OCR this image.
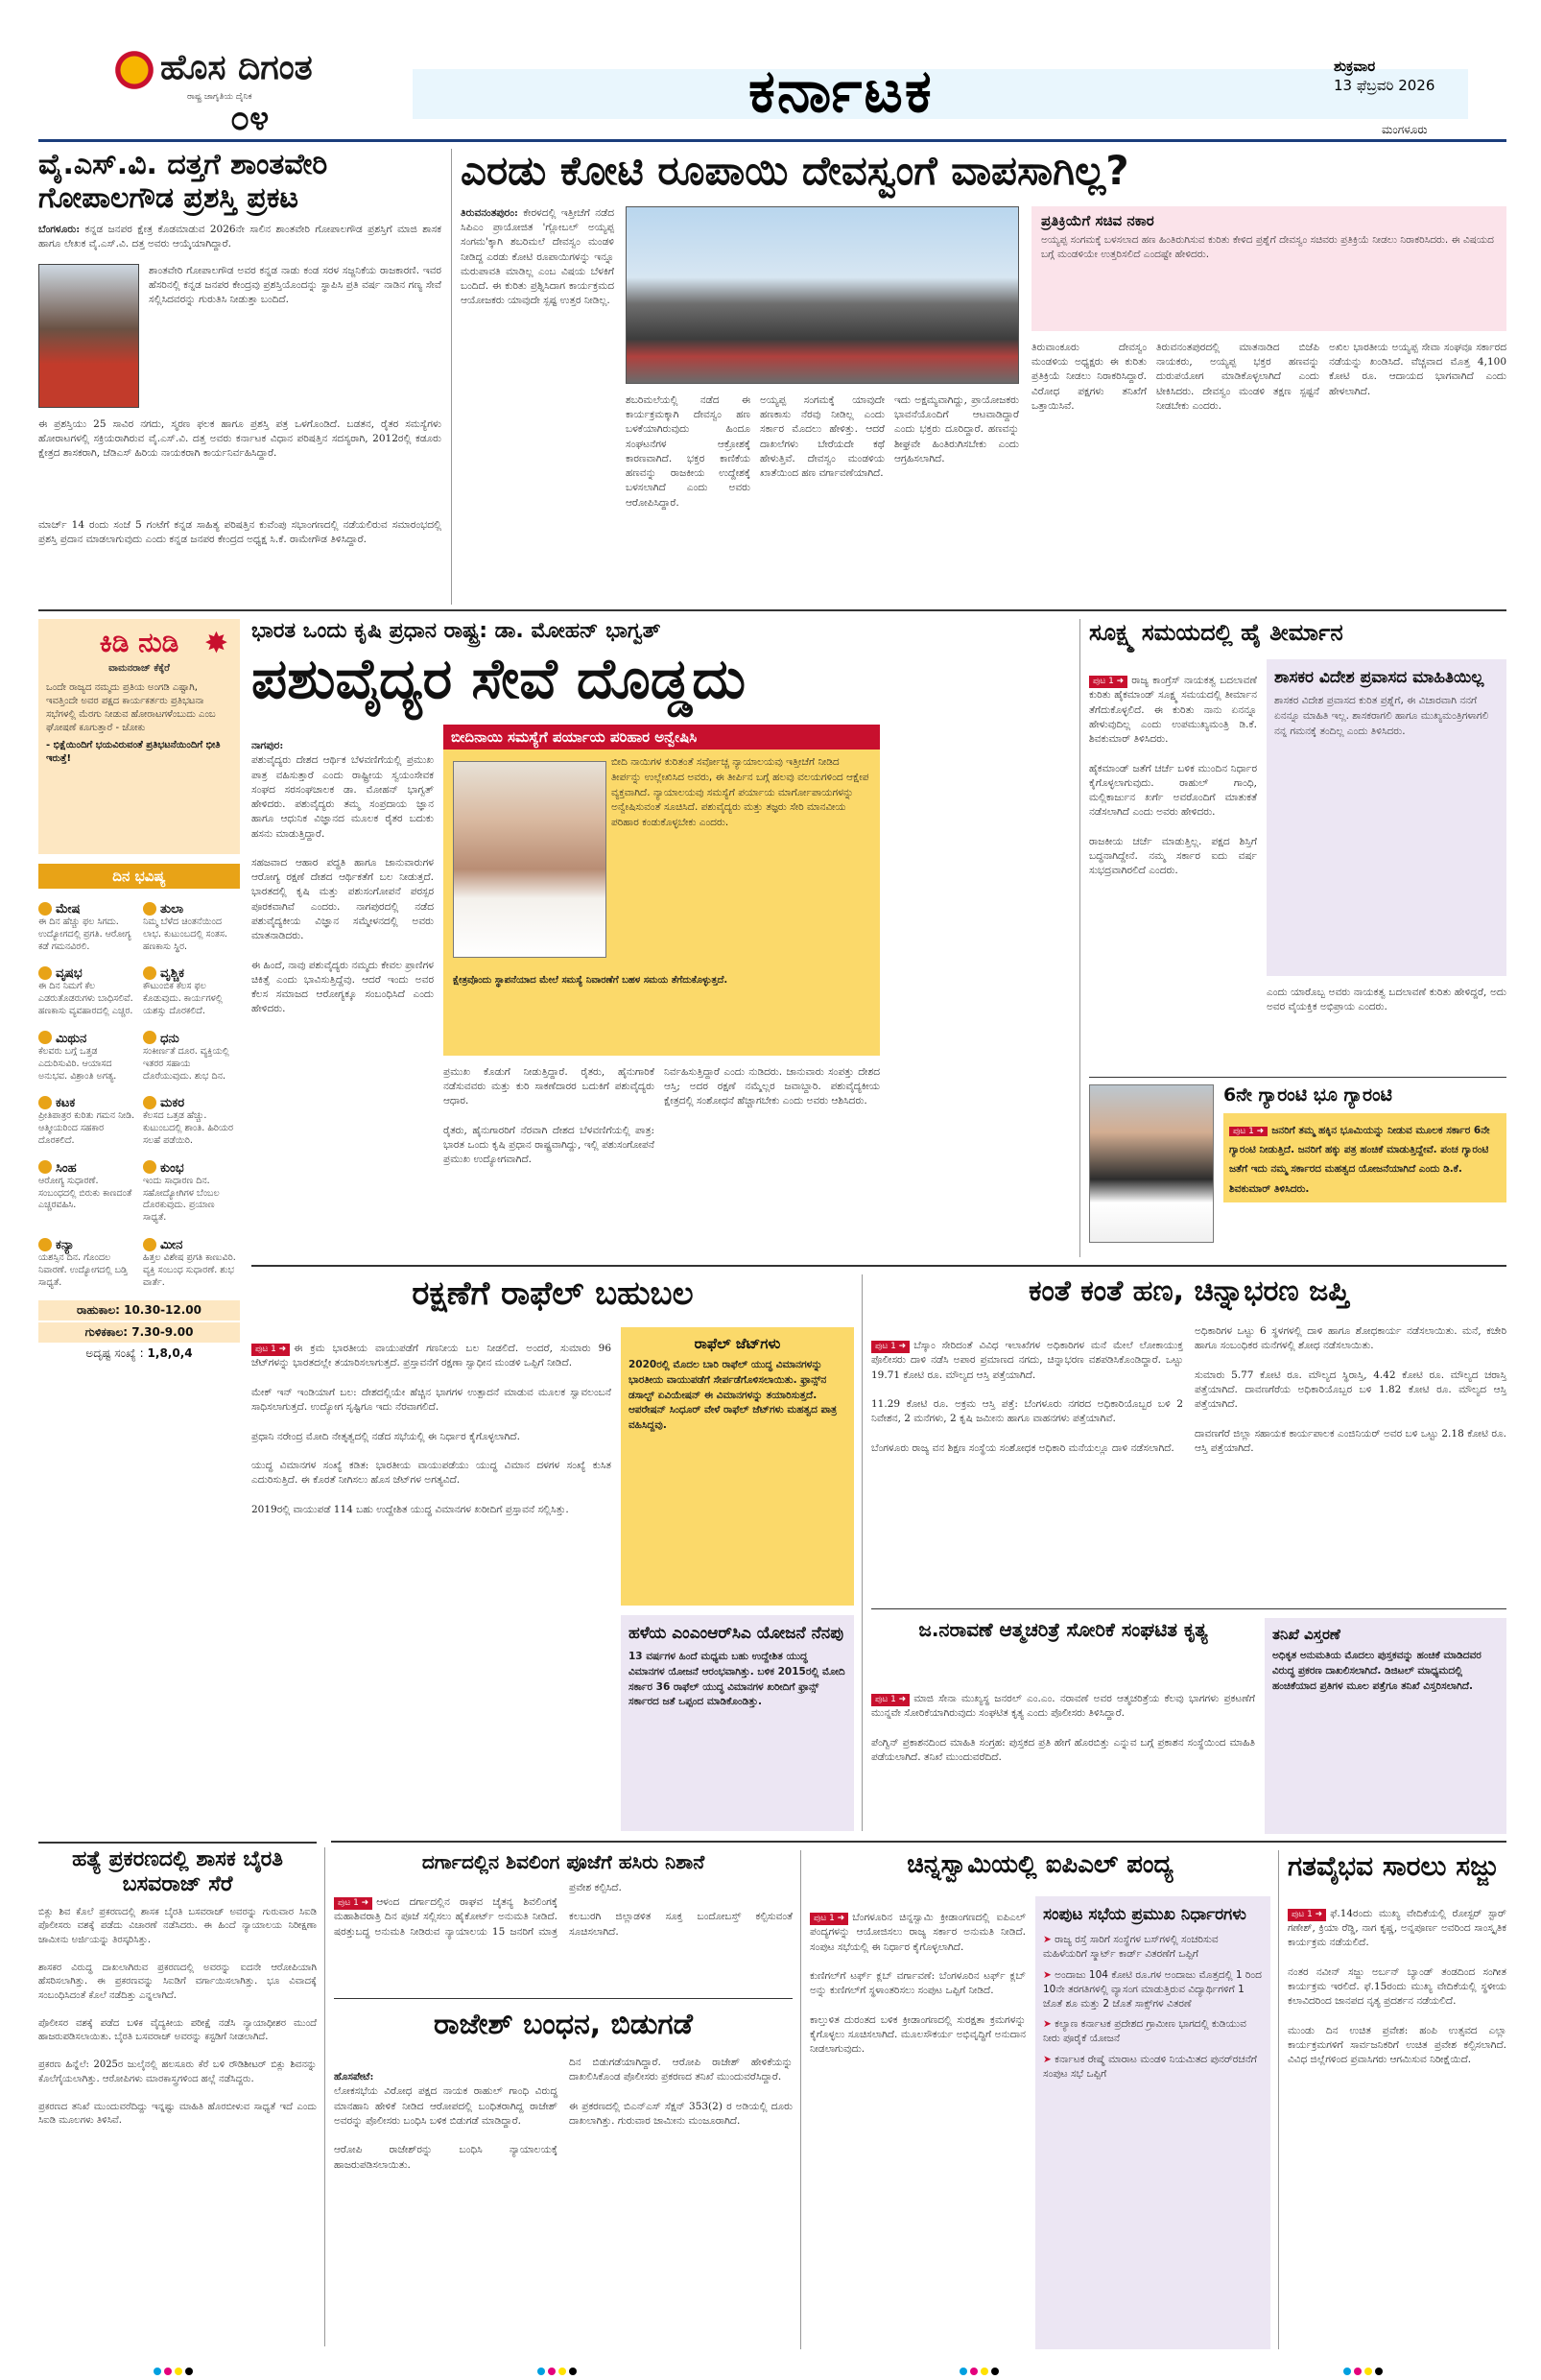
ಹೊಸ ದಿಗಂತ
ರಾಷ್ಟ್ರ ಜಾಗೃತಿಯ ದೈನಿಕ
೦೪	ಕರ್ನಾಟಕ	ಶುಕ್ರವಾರ
13 ಫೆಬ್ರವರಿ 2026
ಮಂಗಳೂರು
ವೈ.ಎಸ್.ವಿ. ದತ್ತಗೆ ಶಾಂತವೇರಿ ಗೋಪಾಲಗೌಡ ಪ್ರಶಸ್ತಿ ಪ್ರಕಟ
ಬೆಂಗಳೂರು: ಕನ್ನಡ ಜನಪರ ಕ್ಷೇತ್ರ ಕೊಡಮಾಡುವ 2026ನೇ ಸಾಲಿನ ಶಾಂತವೇರಿ ಗೋಪಾಲಗೌಡ ಪ್ರಶಸ್ತಿಗೆ ಮಾಜಿ ಶಾಸಕ ಹಾಗೂ ಲೇಖಕ ವೈ.ಎಸ್.ವಿ. ದತ್ತ ಅವರು ಆಯ್ಕೆಯಾಗಿದ್ದಾರೆ.
ಶಾಂತವೇರಿ ಗೋಪಾಲಗೌಡ ಅವರ ಕನ್ನಡ ನಾಡು ಕಂಡ ಸರಳ ಸಜ್ಜನಿಕೆಯ ರಾಜಕಾರಣಿ. ಇವರ ಹೆಸರಿನಲ್ಲಿ ಕನ್ನಡ ಜನಪರ ಕೇಂದ್ರವು ಪ್ರಶಸ್ತಿಯೊಂದನ್ನು ಸ್ಥಾಪಿಸಿ ಪ್ರತಿ ವರ್ಷ ನಾಡಿನ ಗಣ್ಯ ಸೇವೆ ಸಲ್ಲಿಸಿದವರನ್ನು ಗುರುತಿಸಿ ನೀಡುತ್ತಾ ಬಂದಿದೆ.
ಈ ಪ್ರಶಸ್ತಿಯು 25 ಸಾವಿರ ನಗದು, ಸ್ಮರಣ ಫಲಕ ಹಾಗೂ ಪ್ರಶಸ್ತಿ ಪತ್ರ ಒಳಗೊಂಡಿದೆ. ಬಡತನ, ರೈತರ ಸಮಸ್ಯೆಗಳು ಹೋರಾಟಗಳಲ್ಲಿ ಸಕ್ರಿಯರಾಗಿರುವ ವೈ.ಎಸ್.ವಿ. ದತ್ತ ಅವರು ಕರ್ನಾಟಕ ವಿಧಾನ ಪರಿಷತ್ತಿನ ಸದಸ್ಯರಾಗಿ, 2012ರಲ್ಲಿ ಕಡೂರು ಕ್ಷೇತ್ರದ ಶಾಸಕರಾಗಿ, ಜೆಡಿಎಸ್ ಹಿರಿಯ ನಾಯಕರಾಗಿ ಕಾರ್ಯನಿರ್ವಹಿಸಿದ್ದಾರೆ.
ಮಾರ್ಚ್ 14 ರಂದು ಸಂಜೆ 5 ಗಂಟೆಗೆ ಕನ್ನಡ ಸಾಹಿತ್ಯ ಪರಿಷತ್ತಿನ ಕುವೆಂಪು ಸಭಾಂಗಣದಲ್ಲಿ ನಡೆಯಲಿರುವ ಸಮಾರಂಭದಲ್ಲಿ ಪ್ರಶಸ್ತಿ ಪ್ರದಾನ ಮಾಡಲಾಗುವುದು ಎಂದು ಕನ್ನಡ ಜನಪರ ಕೇಂದ್ರದ ಅಧ್ಯಕ್ಷ ಸಿ.ಕೆ. ರಾಮೇಗೌಡ ತಿಳಿಸಿದ್ದಾರೆ.
ಎರಡು ಕೋಟಿ ರೂಪಾಯಿ ದೇವಸ್ವಂಗೆ ವಾಪಸಾಗಿಲ್ಲ?
ತಿರುವನಂತಪುರಂ: ಕೇರಳದಲ್ಲಿ ಇತ್ತೀಚೆಗೆ ನಡೆದ ಸಿಪಿಎಂ ಪ್ರಾಯೋಜಿತ 'ಗ್ಲೋಬಲ್ ಅಯ್ಯಪ್ಪ ಸಂಗಮ'ಕ್ಕಾಗಿ ಶಬರಿಮಲೆ ದೇವಸ್ವಂ ಮಂಡಳಿ ನೀಡಿದ್ದ ಎರಡು ಕೋಟಿ ರೂಪಾಯಿಗಳನ್ನು ಇನ್ನೂ ಮರುಪಾವತಿ ಮಾಡಿಲ್ಲ ಎಂಬ ವಿಷಯ ಬೆಳಕಿಗೆ ಬಂದಿದೆ. ಈ ಕುರಿತು ಪ್ರಶ್ನಿಸಿದಾಗ ಕಾರ್ಯಕ್ರಮದ ಆಯೋಜಕರು ಯಾವುದೇ ಸ್ಪಷ್ಟ ಉತ್ತರ ನೀಡಿಲ್ಲ.
ಶಬರಿಮಲೆಯಲ್ಲಿ ನಡೆದ ಈ ಕಾರ್ಯಕ್ರಮಕ್ಕಾಗಿ ದೇವಸ್ವಂ ಹಣ ಬಳಕೆಯಾಗಿರುವುದು ಹಿಂದೂ ಸಂಘಟನೆಗಳ ಆಕ್ರೋಶಕ್ಕೆ ಕಾರಣವಾಗಿದೆ. ಭಕ್ತರ ಕಾಣಿಕೆಯ ಹಣವನ್ನು ರಾಜಕೀಯ ಉದ್ದೇಶಕ್ಕೆ ಬಳಸಲಾಗಿದೆ ಎಂದು ಅವರು ಆರೋಪಿಸಿದ್ದಾರೆ.
ಅಯ್ಯಪ್ಪ ಸಂಗಮಕ್ಕೆ ಯಾವುದೇ ಹಣಕಾಸು ನೆರವು ನೀಡಿಲ್ಲ ಎಂದು ಸರ್ಕಾರ ಮೊದಲು ಹೇಳಿತ್ತು. ಆದರೆ ದಾಖಲೆಗಳು ಬೇರೆಯದೇ ಕಥೆ ಹೇಳುತ್ತಿವೆ. ದೇವಸ್ವಂ ಮಂಡಳಿಯ ಖಾತೆಯಿಂದ ಹಣ ವರ್ಗಾವಣೆಯಾಗಿದೆ.
ಇದು ಅಕ್ಷಮ್ಯವಾಗಿದ್ದು, ಪ್ರಾಯೋಜಕರು ಭಾವನೆಯೊಂದಿಗೆ ಆಟವಾಡಿದ್ದಾರೆ ಎಂದು ಭಕ್ತರು ದೂರಿದ್ದಾರೆ. ಹಣವನ್ನು ಶೀಘ್ರವೇ ಹಿಂತಿರುಗಿಸಬೇಕು ಎಂದು ಆಗ್ರಹಿಸಲಾಗಿದೆ.
ಪ್ರತಿಕ್ರಿಯೆಗೆ ಸಚಿವ ನಕಾರ
ಅಯ್ಯಪ್ಪ ಸಂಗಮಕ್ಕೆ ಬಳಸಲಾದ ಹಣ ಹಿಂತಿರುಗಿಸುವ ಕುರಿತು ಕೇಳಿದ ಪ್ರಶ್ನೆಗೆ ದೇವಸ್ವಂ ಸಚಿವರು ಪ್ರತಿಕ್ರಿಯೆ ನೀಡಲು ನಿರಾಕರಿಸಿದರು. ಈ ವಿಷಯದ ಬಗ್ಗೆ ಮಂಡಳಿಯೇ ಉತ್ತರಿಸಲಿದೆ ಎಂದಷ್ಟೇ ಹೇಳಿದರು.
ತಿರುವಾಂಕೂರು ದೇವಸ್ವಂ ಮಂಡಳಿಯ ಅಧ್ಯಕ್ಷರು ಈ ಕುರಿತು ಪ್ರತಿಕ್ರಿಯೆ ನೀಡಲು ನಿರಾಕರಿಸಿದ್ದಾರೆ. ವಿರೋಧ ಪಕ್ಷಗಳು ತನಿಖೆಗೆ ಒತ್ತಾಯಿಸಿವೆ.
ತಿರುವನಂತಪುರದಲ್ಲಿ ಮಾತನಾಡಿದ ಬಿಜೆಪಿ ನಾಯಕರು, ಅಯ್ಯಪ್ಪ ಭಕ್ತರ ಹಣವನ್ನು ದುರುಪಯೋಗ ಮಾಡಿಕೊಳ್ಳಲಾಗಿದೆ ಎಂದು ಟೀಕಿಸಿದರು. ದೇವಸ್ವಂ ಮಂಡಳಿ ತಕ್ಷಣ ಸ್ಪಷ್ಟನೆ ನೀಡಬೇಕು ಎಂದರು.
ಅಖಿಲ ಭಾರತೀಯ ಅಯ್ಯಪ್ಪ ಸೇವಾ ಸಂಘವೂ ಸರ್ಕಾರದ ನಡೆಯನ್ನು ಖಂಡಿಸಿದೆ. ವೆಚ್ಚವಾದ ಮೊತ್ತ 4,100 ಕೋಟಿ ರೂ. ಆದಾಯದ ಭಾಗವಾಗಿದೆ ಎಂದು ಹೇಳಲಾಗಿದೆ.
ಕಿಡಿ ನುಡಿ ✸
ವಾಮನರಾಜ್ ಕೆಕ್ಕೆರೆ
ಒಂದೇ ರಾಜ್ಯದ ನಮ್ಮದು ಪ್ರತಿಯ ಅಂಗಡಿ ಎಷ್ಟಾಗಿ, ಇವತ್ತಿಂದೇ ಅವರ ಪಕ್ಷದ ಕಾರ್ಯಕರ್ತರು ಪ್ರತಿಭಟನಾ ಸಭೆಗಳಲ್ಲಿ ಮೆರಗು ನೀಡುವ ಹೋರಾಟಗಳೆಂಬುದು ಎಂಬ ಘೋಷಣೆ ಕೂಗುತ್ತಾರೆ - ಜೋಕು
- ಭಿಕ್ಷೆಯಿಂದಿಗೆ ಭಯವಿರುವಂತೆ ಪ್ರತಿಭಟನೆಯಿಂದಿಗೆ ಭೀತಿ ಇರುತ್ತೆ!
ದಿನ ಭವಿಷ್ಯ
ಮೇಷ
ಈ ದಿನ ಹೆಚ್ಚು ಫಲ ಸಿಗದು. ಉದ್ಯೋಗದಲ್ಲಿ ಪ್ರಗತಿ. ಆರೋಗ್ಯ ಕಡೆ ಗಮನವಿರಲಿ.
ತುಲಾ
ನಿಮ್ಮ ಬೆಳೆದ ಚಿಂತನೆಯಿಂದ ಲಾಭ. ಕುಟುಂಬದಲ್ಲಿ ಸಂತಸ. ಹಣಕಾಸು ಸ್ಥಿರ.
ವೃಷಭ
ಈ ದಿನ ನಿಮಗೆ ಕೆಲ ಎಡರುತೊಡರುಗಳು ಬಾಧಿಸಲಿವೆ. ಹಣಕಾಸು ವ್ಯವಹಾರದಲ್ಲಿ ಎಚ್ಚರ.
ವೃಶ್ಚಿಕ
ಕೌಟುಂಬಿಕ ಕೆಲಸ ಫಲ ಕೊಡುವುದು. ಕಾರ್ಯಗಳಲ್ಲಿ ಯಶಸ್ಸು ದೊರಕಲಿದೆ.
ಮಿಥುನ
ಕೆಲವರು ಬಗ್ಗೆ ಒತ್ತಡ ಎದುರಿಸುವಿರಿ. ಆಯಾಸದ ಅನುಭವ. ವಿಶ್ರಾಂತಿ ಅಗತ್ಯ.
ಧನು
ಸಂಕೀರ್ಣತೆ ದೂರ. ವ್ಯಕ್ತಿಯಲ್ಲಿ ಇತರರ ಸಹಾಯ ದೊರೆಯುವುದು. ಶುಭ ದಿನ.
ಕಟಕ
ಪ್ರೀತಿಪಾತ್ರರ ಕುರಿತು ಗಮನ ನೀಡಿ. ಆತ್ಮೀಯರಿಂದ ಸಹಕಾರ ದೊರಕಲಿದೆ.
ಮಕರ
ಕೆಲಸದ ಒತ್ತಡ ಹೆಚ್ಚು. ಕುಟುಂಬದಲ್ಲಿ ಶಾಂತಿ. ಹಿರಿಯರ ಸಲಹೆ ಪಡೆಯಿರಿ.
ಸಿಂಹ
ಆರೋಗ್ಯ ಸುಧಾರಣೆ. ಸಂಬಂಧದಲ್ಲಿ ಬಿರುಕು ಕಾಣದಂತೆ ಎಚ್ಚರವಹಿಸಿ.
ಕುಂಭ
ಇಂದು ಸಾಧಾರಣ ದಿನ. ಸಹೋದ್ಯೋಗಿಗಳ ಬೆಂಬಲ ದೊರಕುವುದು. ಪ್ರಯಾಣ ಸಾಧ್ಯತೆ.
ಕನ್ಯಾ
ಯಶಸ್ಸಿನ ದಿನ. ಗೊಂದಲ ನಿವಾರಣೆ. ಉದ್ಯೋಗದಲ್ಲಿ ಬಡ್ತಿ ಸಾಧ್ಯತೆ.
ಮೀನ
ಹಿತ್ತಲ ವಿಶೇಷ ಪ್ರಗತಿ ಕಾಣುವಿರಿ. ವ್ಯಕ್ತಿ ಸಂಬಂಧ ಸುಧಾರಣೆ. ಶುಭ ವಾರ್ತೆ.
ರಾಹುಕಾಲ: 10.30-12.00
ಗುಳಿಕಕಾಲ: 7.30-9.00
ಅದೃಷ್ಟ ಸಂಖ್ಯೆ : 1,8,0,4
ಹತ್ಯೆ ಪ್ರಕರಣದಲ್ಲಿ ಶಾಸಕ ಬೈರತಿ ಬಸವರಾಜ್ ಸೆರೆ
ಬಿಕ್ಲು ಶಿವ ಕೊಲೆ ಪ್ರಕರಣದಲ್ಲಿ ಶಾಸಕ ಬೈರತಿ ಬಸವರಾಜ್ ಅವರನ್ನು ಗುರುವಾರ ಸಿಐಡಿ ಪೊಲೀಸರು ವಶಕ್ಕೆ ಪಡೆದು ವಿಚಾರಣೆ ನಡೆಸಿದರು. ಈ ಹಿಂದೆ ನ್ಯಾಯಾಲಯ ನಿರೀಕ್ಷಣಾ ಜಾಮೀನು ಅರ್ಜಿಯನ್ನು ತಿರಸ್ಕರಿಸಿತ್ತು.

ಶಾಸಕರ ವಿರುದ್ಧ ದಾಖಲಾಗಿರುವ ಪ್ರಕರಣದಲ್ಲಿ ಅವರನ್ನು ಐದನೇ ಆರೋಪಿಯಾಗಿ ಹೆಸರಿಸಲಾಗಿತ್ತು. ಈ ಪ್ರಕರಣವನ್ನು ಸಿಐಡಿಗೆ ವರ್ಗಾಯಿಸಲಾಗಿತ್ತು. ಭೂ ವಿವಾದಕ್ಕೆ ಸಂಬಂಧಿಸಿದಂತೆ ಕೊಲೆ ನಡೆದಿತ್ತು ಎನ್ನಲಾಗಿದೆ.

ಪೊಲೀಸರ ವಶಕ್ಕೆ ಪಡೆದ ಬಳಿಕ ವೈದ್ಯಕೀಯ ಪರೀಕ್ಷೆ ನಡೆಸಿ ನ್ಯಾಯಾಧೀಶರ ಮುಂದೆ ಹಾಜರುಪಡಿಸಲಾಯಿತು. ಬೈರತಿ ಬಸವರಾಜ್ ಅವರನ್ನು ಕಸ್ಟಡಿಗೆ ನೀಡಲಾಗಿದೆ.

ಪ್ರಕರಣ ಹಿನ್ನೆಲೆ: 2025ರ ಜುಲೈನಲ್ಲಿ ಹಲಸೂರು ಕೆರೆ ಬಳಿ ರೌಡಿಶೀಟರ್ ಬಿಕ್ಲು ಶಿವನನ್ನು ಕೊಲೆಗೈಯಲಾಗಿತ್ತು. ಆರೋಪಿಗಳು ಮಾರಕಾಸ್ತ್ರಗಳಿಂದ ಹಲ್ಲೆ ನಡೆಸಿದ್ದರು.

ಪ್ರಕರಣದ ತನಿಖೆ ಮುಂದುವರೆದಿದ್ದು ಇನ್ನಷ್ಟು ಮಾಹಿತಿ ಹೊರಬೀಳುವ ಸಾಧ್ಯತೆ ಇದೆ ಎಂದು ಸಿಐಡಿ ಮೂಲಗಳು ತಿಳಿಸಿವೆ.
ಭಾರತ ಒಂದು ಕೃಷಿ ಪ್ರಧಾನ ರಾಷ್ಟ್ರ: ಡಾ. ಮೋಹನ್ ಭಾಗ್ವತ್
ಪಶುವೈದ್ಯರ ಸೇವೆ ದೊಡ್ಡದು

ನಾಗಪುರ:
ಪಶುವೈದ್ಯರು ದೇಶದ ಆರ್ಥಿಕ ಬೆಳವಣಿಗೆಯಲ್ಲಿ ಪ್ರಮುಖ ಪಾತ್ರ ವಹಿಸುತ್ತಾರೆ ಎಂದು ರಾಷ್ಟ್ರೀಯ ಸ್ವಯಂಸೇವಕ ಸಂಘದ ಸರಸಂಘಚಾಲಕ ಡಾ. ಮೋಹನ್ ಭಾಗ್ವತ್ ಹೇಳಿದರು. ಪಶುವೈದ್ಯರು ತಮ್ಮ ಸಂಪ್ರದಾಯ ಜ್ಞಾನ ಹಾಗೂ ಆಧುನಿಕ ವಿಜ್ಞಾನದ ಮೂಲಕ ರೈತರ ಬದುಕು ಹಸನು ಮಾಡುತ್ತಿದ್ದಾರೆ.

ಸಹಜವಾದ ಆಹಾರ ಪದ್ಧತಿ ಹಾಗೂ ಜಾನುವಾರುಗಳ ಆರೋಗ್ಯ ರಕ್ಷಣೆ ದೇಶದ ಆರ್ಥಿಕತೆಗೆ ಬಲ ನೀಡುತ್ತದೆ. ಭಾರತದಲ್ಲಿ ಕೃಷಿ ಮತ್ತು ಪಶುಸಂಗೋಪನೆ ಪರಸ್ಪರ ಪೂರಕವಾಗಿವೆ ಎಂದರು. ನಾಗಪುರದಲ್ಲಿ ನಡೆದ ಪಶುವೈದ್ಯಕೀಯ ವಿಜ್ಞಾನ ಸಮ್ಮೇಳನದಲ್ಲಿ ಅವರು ಮಾತನಾಡಿದರು.

ಈ ಹಿಂದೆ, ನಾವು ಪಶುವೈದ್ಯರು ನಮ್ಮದು ಕೇವಲ ಪ್ರಾಣಿಗಳ ಚಿಕಿತ್ಸೆ ಎಂದು ಭಾವಿಸುತ್ತಿದ್ದೆವು. ಆದರೆ ಇಂದು ಅವರ ಕೆಲಸ ಸಮಾಜದ ಆರೋಗ್ಯಕ್ಕೂ ಸಂಬಂಧಿಸಿದೆ ಎಂದು ಹೇಳಿದರು.

ಬೀದಿನಾಯಿ ಸಮಸ್ಯೆಗೆ ಪರ್ಯಾಯ ಪರಿಹಾರ ಅನ್ವೇಷಿಸಿ
ಬೀದಿ ನಾಯಿಗಳ ಕುರಿತಂತೆ ಸರ್ವೋಚ್ಚ ನ್ಯಾಯಾಲಯವು ಇತ್ತೀಚೆಗೆ ನೀಡಿದ ತೀರ್ಪನ್ನು ಉಲ್ಲೇಖಿಸಿದ ಅವರು, ಈ ತೀರ್ಪಿನ ಬಗ್ಗೆ ಹಲವು ವಲಯಗಳಿಂದ ಆಕ್ಷೇಪ ವ್ಯಕ್ತವಾಗಿದೆ. ನ್ಯಾಯಾಲಯವು ಸಮಸ್ಯೆಗೆ ಪರ್ಯಾಯ ಮಾರ್ಗೋಪಾಯಗಳನ್ನು ಅನ್ವೇಷಿಸುವಂತೆ ಸೂಚಿಸಿದೆ. ಪಶುವೈದ್ಯರು ಮತ್ತು ತಜ್ಞರು ಸೇರಿ ಮಾನವೀಯ ಪರಿಹಾರ ಕಂಡುಕೊಳ್ಳಬೇಕು ಎಂದರು.
ಕ್ಷೇತ್ರವೊಂದು ಸ್ಥಾಪನೆಯಾದ ಮೇಲೆ ಸಮಸ್ಯೆ ನಿವಾರಣೆಗೆ ಬಹಳ ಸಮಯ ತೆಗೆದುಕೊಳ್ಳುತ್ತದೆ.
ಪ್ರಮುಖ ಕೊಡುಗೆ ನೀಡುತ್ತಿದ್ದಾರೆ. ರೈತರು, ಹೈನುಗಾರಿಕೆ ನಡೆಸುವವರು ಮತ್ತು ಕುರಿ ಸಾಕಣೆದಾರರ ಬದುಕಿಗೆ ಪಶುವೈದ್ಯರು ಆಧಾರ.

ರೈತರು, ಹೈನುಗಾರರಿಗೆ ನೆರವಾಗಿ ದೇಶದ ಬೆಳವಣಿಗೆಯಲ್ಲಿ ಪಾತ್ರ: ಭಾರತ ಒಂದು ಕೃಷಿ ಪ್ರಧಾನ ರಾಷ್ಟ್ರವಾಗಿದ್ದು, ಇಲ್ಲಿ ಪಶುಸಂಗೋಪನೆ ಪ್ರಮುಖ ಉದ್ಯೋಗವಾಗಿದೆ.
ನಿರ್ವಹಿಸುತ್ತಿದ್ದಾರೆ ಎಂದು ನುಡಿದರು. ಜಾನುವಾರು ಸಂಪತ್ತು ದೇಶದ ಆಸ್ತಿ; ಅದರ ರಕ್ಷಣೆ ನಮ್ಮೆಲ್ಲರ ಜವಾಬ್ದಾರಿ. ಪಶುವೈದ್ಯಕೀಯ ಕ್ಷೇತ್ರದಲ್ಲಿ ಸಂಶೋಧನೆ ಹೆಚ್ಚಾಗಬೇಕು ಎಂದು ಅವರು ಆಶಿಸಿದರು.
ಸೂಕ್ಷ್ಮ ಸಮಯದಲ್ಲಿ ಹೈ ತೀರ್ಮಾನ

ಪುಟ 1 ➜ ರಾಜ್ಯ ಕಾಂಗ್ರೆಸ್ ನಾಯಕತ್ವ ಬದಲಾವಣೆ ಕುರಿತು ಹೈಕಮಾಂಡ್ ಸೂಕ್ಷ್ಮ ಸಮಯದಲ್ಲಿ ತೀರ್ಮಾನ ತೆಗೆದುಕೊಳ್ಳಲಿದೆ. ಈ ಕುರಿತು ನಾನು ಏನನ್ನೂ ಹೇಳುವುದಿಲ್ಲ ಎಂದು ಉಪಮುಖ್ಯಮಂತ್ರಿ ಡಿ.ಕೆ. ಶಿವಕುಮಾರ್ ತಿಳಿಸಿದರು.

ಹೈಕಮಾಂಡ್ ಜತೆಗೆ ಚರ್ಚೆ ಬಳಿಕ ಮುಂದಿನ ನಿರ್ಧಾರ ಕೈಗೊಳ್ಳಲಾಗುವುದು. ರಾಹುಲ್ ಗಾಂಧಿ, ಮಲ್ಲಿಕಾರ್ಜುನ ಖರ್ಗೆ ಅವರೊಂದಿಗೆ ಮಾತುಕತೆ ನಡೆಸಲಾಗಿದೆ ಎಂದು ಅವರು ಹೇಳಿದರು.

ರಾಜಕೀಯ ಚರ್ಚೆ ಮಾಡುತ್ತಿಲ್ಲ. ಪಕ್ಷದ ಶಿಸ್ತಿಗೆ ಬದ್ಧನಾಗಿದ್ದೇನೆ. ನಮ್ಮ ಸರ್ಕಾರ ಐದು ವರ್ಷ ಸುಭದ್ರವಾಗಿರಲಿದೆ ಎಂದರು.

ಶಾಸಕರ ವಿದೇಶ ಪ್ರವಾಸದ ಮಾಹಿತಿಯಿಲ್ಲ
ಶಾಸಕರ ವಿದೇಶ ಪ್ರವಾಸದ ಕುರಿತ ಪ್ರಶ್ನೆಗೆ, ಈ ವಿಚಾರವಾಗಿ ನನಗೆ ಏನನ್ನೂ ಮಾಹಿತಿ ಇಲ್ಲ. ಶಾಸಕರಾಗಲಿ ಹಾಗೂ ಮುಖ್ಯಮಂತ್ರಿಗಳಾಗಲಿ ನನ್ನ ಗಮನಕ್ಕೆ ತಂದಿಲ್ಲ ಎಂದು ತಿಳಿಸಿದರು.
ಎಂದು ಯಾರೊಬ್ಬ ಅವರು ನಾಯಕತ್ವ ಬದಲಾವಣೆ ಕುರಿತು ಹೇಳಿದ್ದರೆ, ಅದು ಅವರ ವೈಯಕ್ತಿಕ ಅಭಿಪ್ರಾಯ ಎಂದರು.
6ನೇ ಗ್ಯಾರಂಟಿ ಭೂ ಗ್ಯಾರಂಟಿ
ಪುಟ 1 ➜ ಜನರಿಗೆ ತಮ್ಮ ಹಕ್ಕಿನ ಭೂಮಿಯನ್ನು ನೀಡುವ ಮೂಲಕ ಸರ್ಕಾರ 6ನೇ ಗ್ಯಾರಂಟಿ ನೀಡುತ್ತಿದೆ. ಜನರಿಗೆ ಹಕ್ಕು ಪತ್ರ ಹಂಚಿಕೆ ಮಾಡುತ್ತಿದ್ದೇವೆ. ಪಂಚ ಗ್ಯಾರಂಟಿ ಜತೆಗೆ ಇದು ನಮ್ಮ ಸರ್ಕಾರದ ಮಹತ್ವದ ಯೋಜನೆಯಾಗಿದೆ ಎಂದು ಡಿ.ಕೆ. ಶಿವಕುಮಾರ್ ತಿಳಿಸಿದರು.
ರಕ್ಷಣೆಗೆ ರಾಫೆಲ್ ಬಹುಬಲ

ಪುಟ 1 ➜ ಈ ಕ್ರಮ ಭಾರತೀಯ ವಾಯುಪಡೆಗೆ ಗಣನೀಯ ಬಲ ನೀಡಲಿದೆ. ಅಂದರೆ, ಸುಮಾರು 96 ಜೆಟ್‌ಗಳನ್ನು ಭಾರತದಲ್ಲೇ ತಯಾರಿಸಲಾಗುತ್ತದೆ. ಪ್ರಸ್ತಾವನೆಗೆ ರಕ್ಷಣಾ ಸ್ವಾಧೀನ ಮಂಡಳಿ ಒಪ್ಪಿಗೆ ನೀಡಿದೆ.

ಮೇಕ್ ಇನ್ ಇಂಡಿಯಾಗೆ ಬಲ: ದೇಶದಲ್ಲಿಯೇ ಹೆಚ್ಚಿನ ಭಾಗಗಳ ಉತ್ಪಾದನೆ ಮಾಡುವ ಮೂಲಕ ಸ್ವಾವಲಂಬನೆ ಸಾಧಿಸಲಾಗುತ್ತದೆ. ಉದ್ಯೋಗ ಸೃಷ್ಟಿಗೂ ಇದು ನೆರವಾಗಲಿದೆ.

ಪ್ರಧಾನಿ ನರೇಂದ್ರ ಮೋದಿ ನೇತೃತ್ವದಲ್ಲಿ ನಡೆದ ಸಭೆಯಲ್ಲಿ ಈ ನಿರ್ಧಾರ ಕೈಗೊಳ್ಳಲಾಗಿದೆ.

ಯುದ್ಧ ವಿಮಾನಗಳ ಸಂಖ್ಯೆ ಕಡಿತ: ಭಾರತೀಯ ವಾಯುಪಡೆಯು ಯುದ್ಧ ವಿಮಾನ ದಳಗಳ ಸಂಖ್ಯೆ ಕುಸಿತ ಎದುರಿಸುತ್ತಿದೆ. ಈ ಕೊರತೆ ನೀಗಿಸಲು ಹೊಸ ಜೆಟ್‌ಗಳ ಅಗತ್ಯವಿದೆ.

2019ರಲ್ಲಿ ವಾಯುಪಡೆ 114 ಬಹು ಉದ್ದೇಶಿತ ಯುದ್ಧ ವಿಮಾನಗಳ ಖರೀದಿಗೆ ಪ್ರಸ್ತಾವನೆ ಸಲ್ಲಿಸಿತ್ತು.

ರಾಫೆಲ್ ಜೆಟ್‌ಗಳು
2020ರಲ್ಲಿ ಮೊದಲ ಬಾರಿ ರಾಫೆಲ್ ಯುದ್ಧ ವಿಮಾನಗಳನ್ನು ಭಾರತೀಯ ವಾಯುಪಡೆಗೆ ಸೇರ್ಪಡೆಗೊಳಿಸಲಾಯಿತು. ಫ್ರಾನ್ಸ್‌ನ ಡಸಾಲ್ಟ್ ಏವಿಯೇಷನ್ ಈ ವಿಮಾನಗಳನ್ನು ತಯಾರಿಸುತ್ತದೆ. ಆಪರೇಷನ್ ಸಿಂಧೂರ್ ವೇಳೆ ರಾಫೆಲ್ ಜೆಟ್‌ಗಳು ಮಹತ್ವದ ಪಾತ್ರ ವಹಿಸಿದ್ದವು.
ಹಳೆಯ ಎಂಎಂಆರ್‌ಸಿಎ ಯೋಜನೆ ನೆನಪು
13 ವರ್ಷಗಳ ಹಿಂದೆ ಮಧ್ಯಮ ಬಹು ಉದ್ದೇಶಿತ ಯುದ್ಧ ವಿಮಾನಗಳ ಯೋಜನೆ ಆರಂಭವಾಗಿತ್ತು. ಬಳಿಕ 2015ರಲ್ಲಿ ಮೋದಿ ಸರ್ಕಾರ 36 ರಾಫೆಲ್ ಯುದ್ಧ ವಿಮಾನಗಳ ಖರೀದಿಗೆ ಫ್ರಾನ್ಸ್ ಸರ್ಕಾರದ ಜತೆ ಒಪ್ಪಂದ ಮಾಡಿಕೊಂಡಿತ್ತು.
ಕಂತೆ ಕಂತೆ ಹಣ, ಚಿನ್ನಾಭರಣ ಜಪ್ತಿ

ಪುಟ 1 ➜ ಬೆಸ್ಕಾಂ ಸೇರಿದಂತೆ ವಿವಿಧ ಇಲಾಖೆಗಳ ಅಧಿಕಾರಿಗಳ ಮನೆ ಮೇಲೆ ಲೋಕಾಯುಕ್ತ ಪೊಲೀಸರು ದಾಳಿ ನಡೆಸಿ ಅಪಾರ ಪ್ರಮಾಣದ ನಗದು, ಚಿನ್ನಾಭರಣ ವಶಪಡಿಸಿಕೊಂಡಿದ್ದಾರೆ. ಒಟ್ಟು 19.71 ಕೋಟಿ ರೂ. ಮೌಲ್ಯದ ಆಸ್ತಿ ಪತ್ತೆಯಾಗಿದೆ.

11.29 ಕೋಟಿ ರೂ. ಅಕ್ರಮ ಆಸ್ತಿ ಪತ್ತೆ: ಬೆಂಗಳೂರು ನಗರದ ಅಧಿಕಾರಿಯೊಬ್ಬರ ಬಳಿ 2 ನಿವೇಶನ, 2 ಮನೆಗಳು, 2 ಕೃಷಿ ಜಮೀನು ಹಾಗೂ ವಾಹನಗಳು ಪತ್ತೆಯಾಗಿವೆ.

ಬೆಂಗಳೂರು ರಾಜ್ಯ ವನ ಶಿಕ್ಷಣ ಸಂಸ್ಥೆಯ ಸಂಶೋಧಕ ಅಧಿಕಾರಿ ಮನೆಯಲ್ಲೂ ದಾಳಿ ನಡೆಸಲಾಗಿದೆ.

ಅಧಿಕಾರಿಗಳ ಒಟ್ಟು 6 ಸ್ಥಳಗಳಲ್ಲಿ ದಾಳಿ ಹಾಗೂ ಶೋಧಕಾರ್ಯ ನಡೆಸಲಾಯಿತು. ಮನೆ, ಕಚೇರಿ ಹಾಗೂ ಸಂಬಂಧಿಕರ ಮನೆಗಳಲ್ಲಿ ಶೋಧ ನಡೆಸಲಾಯಿತು.

ಸುಮಾರು 5.77 ಕೋಟಿ ರೂ. ಮೌಲ್ಯದ ಸ್ಥಿರಾಸ್ತಿ, 4.42 ಕೋಟಿ ರೂ. ಮೌಲ್ಯದ ಚರಾಸ್ತಿ ಪತ್ತೆಯಾಗಿದೆ. ದಾವಣಗೆರೆಯ ಅಧಿಕಾರಿಯೊಬ್ಬರ ಬಳಿ 1.82 ಕೋಟಿ ರೂ. ಮೌಲ್ಯದ ಆಸ್ತಿ ಪತ್ತೆಯಾಗಿದೆ.

ದಾವಣಗೆರೆ ಜಿಲ್ಲಾ ಸಹಾಯಕ ಕಾರ್ಯಪಾಲಕ ಎಂಜಿನಿಯರ್ ಅವರ ಬಳಿ ಒಟ್ಟು 2.18 ಕೋಟಿ ರೂ. ಆಸ್ತಿ ಪತ್ತೆಯಾಗಿದೆ.
ಜ.ನರಾವಣೆ ಆತ್ಮಚರಿತ್ರೆ ಸೋರಿಕೆ ಸಂಘಟಿತ ಕೃತ್ಯ

ಪುಟ 1 ➜ ಮಾಜಿ ಸೇನಾ ಮುಖ್ಯಸ್ಥ ಜನರಲ್ ಎಂ.ಎಂ. ನರಾವಣೆ ಅವರ ಆತ್ಮಚರಿತ್ರೆಯ ಕೆಲವು ಭಾಗಗಳು ಪ್ರಕಟಣೆಗೆ ಮುನ್ನವೇ ಸೋರಿಕೆಯಾಗಿರುವುದು ಸಂಘಟಿತ ಕೃತ್ಯ ಎಂದು ಪೊಲೀಸರು ತಿಳಿಸಿದ್ದಾರೆ.

ಪೆಂಗ್ವಿನ್ ಪ್ರಕಾಶನದಿಂದ ಮಾಹಿತಿ ಸಂಗ್ರಹ: ಪುಸ್ತಕದ ಪ್ರತಿ ಹೇಗೆ ಹೊರಬಿತ್ತು ಎನ್ನುವ ಬಗ್ಗೆ ಪ್ರಕಾಶನ ಸಂಸ್ಥೆಯಿಂದ ಮಾಹಿತಿ ಪಡೆಯಲಾಗಿದೆ. ತನಿಖೆ ಮುಂದುವರೆದಿದೆ.

ತನಿಖೆ ವಿಸ್ತರಣೆ
ಅಧಿಕೃತ ಅನುಮತಿಯ ಮೊದಲು ಪುಸ್ತಕವನ್ನು ಹಂಚಿಕೆ ಮಾಡಿದವರ ವಿರುದ್ಧ ಪ್ರಕರಣ ದಾಖಲಿಸಲಾಗಿದೆ. ಡಿಜಿಟಲ್ ಮಾಧ್ಯಮದಲ್ಲಿ ಹಂಚಿಕೆಯಾದ ಪ್ರತಿಗಳ ಮೂಲ ಪತ್ತೆಗೂ ತನಿಖೆ ವಿಸ್ತರಿಸಲಾಗಿದೆ.
ದರ್ಗಾದಲ್ಲಿನ ಶಿವಲಿಂಗ ಪೂಜೆಗೆ ಹಸಿರು ನಿಶಾನೆ

ಪುಟ 1 ➜ ಆಳಂದ ದರ್ಗಾದಲ್ಲಿನ ರಾಘವ ಚೈತನ್ಯ ಶಿವಲಿಂಗಕ್ಕೆ ಮಹಾಶಿವರಾತ್ರಿ ದಿನ ಪೂಜೆ ಸಲ್ಲಿಸಲು ಹೈಕೋರ್ಟ್ ಅನುಮತಿ ನೀಡಿದೆ. ಷರತ್ತುಬದ್ಧ ಅನುಮತಿ ನೀಡಿರುವ ನ್ಯಾಯಾಲಯ 15 ಜನರಿಗೆ ಮಾತ್ರ ಪ್ರವೇಶ ಕಲ್ಪಿಸಿದೆ.

ಕಲಬುರಗಿ ಜಿಲ್ಲಾಡಳಿತ ಸೂಕ್ತ ಬಂದೋಬಸ್ತ್ ಕಲ್ಪಿಸುವಂತೆ ಸೂಚಿಸಲಾಗಿದೆ.

ರಾಜೇಶ್ ಬಂಧನ, ಬಿಡುಗಡೆ

ಹೊಸಪೇಟೆ:
ಲೋಕಸಭೆಯ ವಿರೋಧ ಪಕ್ಷದ ನಾಯಕ ರಾಹುಲ್ ಗಾಂಧಿ ವಿರುದ್ಧ ಮಾನಹಾನಿ ಹೇಳಿಕೆ ನೀಡಿದ ಆರೋಪದಲ್ಲಿ ಬಂಧಿತರಾಗಿದ್ದ ರಾಜೇಶ್ ಅವರನ್ನು ಪೊಲೀಸರು ಬಂಧಿಸಿ ಬಳಿಕ ಬಿಡುಗಡೆ ಮಾಡಿದ್ದಾರೆ.

ಆರೋಪಿ ರಾಜೇಶ್‌ರನ್ನು ಬಂಧಿಸಿ ನ್ಯಾಯಾಲಯಕ್ಕೆ ಹಾಜರುಪಡಿಸಲಾಯಿತು.

ದಿನ ಬಿಡುಗಡೆಯಾಗಿದ್ದಾರೆ. ಆರೋಪಿ ರಾಜೇಶ್‌ ಹೇಳಿಕೆಯನ್ನು ದಾಖಲಿಸಿಕೊಂಡ ಪೊಲೀಸರು ಪ್ರಕರಣದ ತನಿಖೆ ಮುಂದುವರೆಸಿದ್ದಾರೆ.

ಈ ಪ್ರಕರಣದಲ್ಲಿ ಬಿಎನ್‌ಎಸ್ ಸೆಕ್ಷನ್ 353(2) ರ ಅಡಿಯಲ್ಲಿ ದೂರು ದಾಖಲಾಗಿತ್ತು. ಗುರುವಾರ ಜಾಮೀನು ಮಂಜೂರಾಗಿದೆ.
ಚಿನ್ನಸ್ವಾಮಿಯಲ್ಲಿ ಐಪಿಎಲ್ ಪಂದ್ಯ

ಪುಟ 1 ➜ ಬೆಂಗಳೂರಿನ ಚಿನ್ನಸ್ವಾಮಿ ಕ್ರೀಡಾಂಗಣದಲ್ಲಿ ಐಪಿಎಲ್ ಪಂದ್ಯಗಳನ್ನು ಆಯೋಜಿಸಲು ರಾಜ್ಯ ಸರ್ಕಾರ ಅನುಮತಿ ನೀಡಿದೆ. ಸಂಪುಟ ಸಭೆಯಲ್ಲಿ ಈ ನಿರ್ಧಾರ ಕೈಗೊಳ್ಳಲಾಗಿದೆ.

ಕುಣಿಗಲ್‌ಗೆ ಟರ್ಫ್ ಕ್ಲಬ್ ವರ್ಗಾವಣೆ: ಬೆಂಗಳೂರಿನ ಟರ್ಫ್ ಕ್ಲಬ್ ಅನ್ನು ಕುಣಿಗಲ್‌ಗೆ ಸ್ಥಳಾಂತರಿಸಲು ಸಂಪುಟ ಒಪ್ಪಿಗೆ ನೀಡಿದೆ.

ಕಾಲ್ತುಳಿತ ದುರಂತದ ಬಳಿಕ ಕ್ರೀಡಾಂಗಣದಲ್ಲಿ ಸುರಕ್ಷತಾ ಕ್ರಮಗಳನ್ನು ಕೈಗೊಳ್ಳಲು ಸೂಚಿಸಲಾಗಿದೆ. ಮೂಲಸೌಕರ್ಯ ಅಭಿವೃದ್ಧಿಗೆ ಅನುದಾನ ನೀಡಲಾಗುವುದು.

ಸಂಪುಟ ಸಭೆಯ ಪ್ರಮುಖ ನಿರ್ಧಾರಗಳು
➤ ರಾಜ್ಯ ರಸ್ತೆ ಸಾರಿಗೆ ಸಂಸ್ಥೆಗಳ ಬಸ್‌ಗಳಲ್ಲಿ ಸಂಚರಿಸುವ ಮಹಿಳೆಯರಿಗೆ ಸ್ಮಾರ್ಟ್ ಕಾರ್ಡ್ ವಿತರಣೆಗೆ ಒಪ್ಪಿಗೆ
➤ ಅಂದಾಜು 104 ಕೋಟಿ ರೂ.ಗಳ ಅಂದಾಜು ಮೊತ್ತದಲ್ಲಿ 1 ರಿಂದ 10ನೇ ತರಗತಿಗಳಲ್ಲಿ ವ್ಯಾಸಂಗ ಮಾಡುತ್ತಿರುವ ವಿದ್ಯಾರ್ಥಿಗಳಿಗೆ 1 ಜೊತೆ ಶೂ ಮತ್ತು 2 ಜೊತೆ ಸಾಕ್ಸ್‌ಗಳ ವಿತರಣೆ
➤ ಕಲ್ಯಾಣ ಕರ್ನಾಟಕ ಪ್ರದೇಶದ ಗ್ರಾಮೀಣ ಭಾಗದಲ್ಲಿ ಕುಡಿಯುವ ನೀರು ಪೂರೈಕೆ ಯೋಜನೆ
➤ ಕರ್ನಾಟಕ ರೇಷ್ಮೆ ಮಾರಾಟ ಮಂಡಳಿ ನಿಯಮಿತದ ಪುನರ್‌ರಚನೆಗೆ ಸಂಪುಟ ಸಭೆ ಒಪ್ಪಿಗೆ
ಗತವೈಭವ ಸಾರಲು ಸಜ್ಜು

ಪುಟ 1 ➜ ಫೆ.14ರಂದು ಮುಖ್ಯ ವೇದಿಕೆಯಲ್ಲಿ ರೋಸ್ಟರ್ ಸ್ಟಾರ್ ಗಣೇಶ್, ಕ್ರಿಯಾ ರೆಡ್ಡಿ, ನಾಗ ಕೃಷ್ಣ, ಅನ್ನಪೂರ್ಣ ಅವರಿಂದ ಸಾಂಸ್ಕೃತಿಕ ಕಾರ್ಯಕ್ರಮ ನಡೆಯಲಿದೆ.

ನಂತರ ನವೀನ್ ಸಜ್ಜು ಅರ್ಬನ್ ಬ್ಯಾಂಡ್ ತಂಡದಿಂದ ಸಂಗೀತ ಕಾರ್ಯಕ್ರಮ ಇರಲಿದೆ. ಫೆ.15ರಂದು ಮುಖ್ಯ ವೇದಿಕೆಯಲ್ಲಿ ಸ್ಥಳೀಯ ಕಲಾವಿದರಿಂದ ಜಾನಪದ ನೃತ್ಯ ಪ್ರದರ್ಶನ ನಡೆಯಲಿದೆ.

ಮುಂಡು ದಿನ ಉಚಿತ ಪ್ರವೇಶ: ಹಂಪಿ ಉತ್ಸವದ ಎಲ್ಲಾ ಕಾರ್ಯಕ್ರಮಗಳಿಗೆ ಸಾರ್ವಜನಿಕರಿಗೆ ಉಚಿತ ಪ್ರವೇಶ ಕಲ್ಪಿಸಲಾಗಿದೆ. ವಿವಿಧ ಜಿಲ್ಲೆಗಳಿಂದ ಪ್ರವಾಸಿಗರು ಆಗಮಿಸುವ ನಿರೀಕ್ಷೆಯಿದೆ.
